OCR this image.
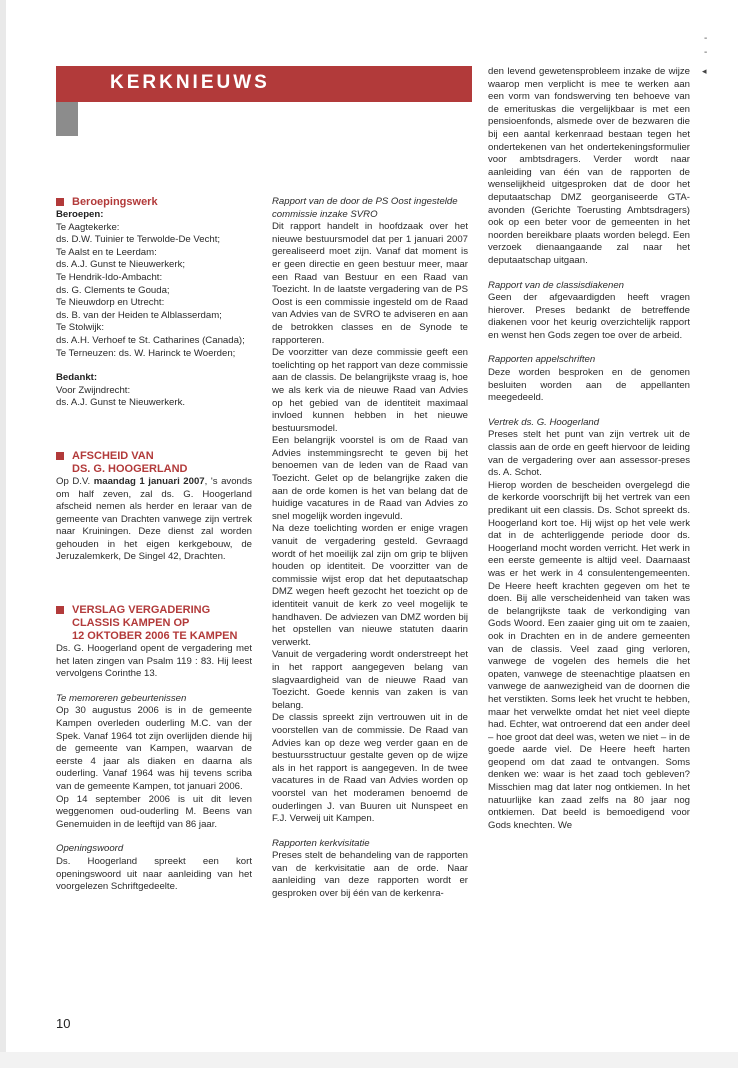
KERKNIEUWS
-
-
◂
Beroepingswerk

Beroepen:

Te Aagtekerke:

ds. D.W. Tuinier te Terwolde-De Vecht;

Te Aalst en te Leerdam:

ds. A.J. Gunst te Nieuwerkerk;

Te Hendrik-Ido-Ambacht:

ds. G. Clements te Gouda;

Te Nieuwdorp en Utrecht:

ds. B. van der Heiden te Alblasserdam;

Te Stolwijk:

ds. A.H. Verhoef te St. Catharines (Canada);

Te Terneuzen: ds. W. Harinck te Woerden;

Bedankt:

Voor Zwijndrecht:

ds. A.J. Gunst te Nieuwerkerk.

AFSCHEID VAN
DS. G. HOOGERLAND

Op D.V. maandag 1 januari 2007, 's avonds om half zeven, zal ds. G. Hoogerland afscheid nemen als herder en leraar van de gemeente van Drachten vanwege zijn vertrek naar Kruiningen. Deze dienst zal worden gehouden in het eigen kerkgebouw, de Jeruzalemkerk, De Singel 42, Drachten.

VERSLAG VERGADERING
CLASSIS KAMPEN OP
12 OKTOBER 2006 TE KAMPEN

Ds. G. Hoogerland opent de vergadering met het laten zingen van Psalm 119 : 83. Hij leest vervolgens Corinthe 13.

Te memoreren gebeurtenissen

Op 30 augustus 2006 is in de gemeente Kampen overleden ouderling M.C. van der Spek. Vanaf 1964 tot zijn overlijden diende hij de gemeente van Kampen, waarvan de eerste 4 jaar als diaken en daarna als ouderling. Vanaf 1964 was hij tevens scriba van de gemeente Kampen, tot januari 2006.

Op 14 september 2006 is uit dit leven weggenomen oud-ouderling M. Beens van Genemuiden in de leeftijd van 86 jaar.

Openingswoord

Ds. Hoogerland spreekt een kort openingswoord uit naar aanleiding van het voorgelezen Schriftgedeelte.

Rapport van de door de PS Oost ingestelde commissie inzake SVRO

Dit rapport handelt in hoofdzaak over het nieuwe bestuursmodel dat per 1 januari 2007 gerealiseerd moet zijn. Vanaf dat moment is er geen directie en geen bestuur meer, maar een Raad van Bestuur en een Raad van Toezicht. In de laatste vergadering van de PS Oost is een commissie ingesteld om de Raad van Advies van de SVRO te adviseren en aan de betrokken classes en de Synode te rapporteren.

De voorzitter van deze commissie geeft een toelichting op het rapport van deze commissie aan de classis. De belangrijkste vraag is, hoe we als kerk via de nieuwe Raad van Advies op het gebied van de identiteit maximaal invloed kunnen hebben in het nieuwe bestuursmodel.

Een belangrijk voorstel is om de Raad van Advies instemmingsrecht te geven bij het benoemen van de leden van de Raad van Toezicht. Gelet op de belangrijke zaken die aan de orde komen is het van belang dat de huidige vacatures in de Raad van Advies zo snel mogelijk worden ingevuld.

Na deze toelichting worden er enige vragen vanuit de vergadering gesteld. Gevraagd wordt of het moeilijk zal zijn om grip te blijven houden op identiteit. De voorzitter van de commissie wijst erop dat het deputaatschap DMZ wegen heeft gezocht het toezicht op de identiteit vanuit de kerk zo veel mogelijk te handhaven. De adviezen van DMZ worden bij het opstellen van nieuwe statuten daarin verwerkt.

Vanuit de vergadering wordt onderstreept het in het rapport aangegeven belang van slagvaardigheid van de nieuwe Raad van Toezicht. Goede kennis van zaken is van belang.

De classis spreekt zijn vertrouwen uit in de voorstellen van de commissie. De Raad van Advies kan op deze weg verder gaan en de bestuursstructuur gestalte geven op de wijze als in het rapport is aangegeven. In de twee vacatures in de Raad van Advies worden op voorstel van het moderamen benoemd de ouderlingen J. van Buuren uit Nunspeet en F.J. Verweij uit Kampen.

Rapporten kerkvisitatie

Preses stelt de behandeling van de rapporten van de kerkvisitatie aan de orde. Naar aanleiding van deze rapporten wordt er gesproken over bij één van de kerkenra-

den levend gewetensprobleem inzake de wijze waarop men verplicht is mee te werken aan een vorm van fondswerving ten behoeve van de emerituskas die vergelijkbaar is met een pensioenfonds, alsmede over de bezwaren die bij een aantal kerkenraad bestaan tegen het ondertekenen van het ondertekeningsformulier voor ambtsdragers. Verder wordt naar aanleiding van één van de rapporten de wenselijkheid uitgesproken dat de door het deputaatschap DMZ georganiseerde GTA-avonden (Gerichte Toerusting Ambtsdragers) ook op een beter voor de gemeenten in het noorden bereikbare plaats worden belegd. Een verzoek dienaangaande zal naar het deputaatschap uitgaan.

Rapport van de classisdiakenen

Geen der afgevaardigden heeft vragen hierover. Preses bedankt de betreffende diakenen voor het keurig overzichtelijk rapport en wenst hen Gods zegen toe over de arbeid.

Rapporten appelschriften

Deze worden besproken en de genomen besluiten worden aan de appellanten meegedeeld.

Vertrek ds. G. Hoogerland

Preses stelt het punt van zijn vertrek uit de classis aan de orde en geeft hiervoor de leiding van de vergadering over aan assessor-preses ds. A. Schot.

Hierop worden de bescheiden overgelegd die de kerkorde voorschrijft bij het vertrek van een predikant uit een classis. Ds. Schot spreekt ds. Hoogerland kort toe. Hij wijst op het vele werk dat in de achterliggende periode door ds. Hoogerland mocht worden verricht. Het werk in een eerste gemeente is altijd veel. Daarnaast was er het werk in 4 consulentengemeenten. De Heere heeft krachten gegeven om het te doen. Bij alle verscheidenheid van taken was de belangrijkste taak de verkondiging van Gods Woord. Een zaaier ging uit om te zaaien, ook in Drachten en in de andere gemeenten van de classis. Veel zaad ging verloren, vanwege de vogelen des hemels die het opaten, vanwege de steenachtige plaatsen en vanwege de aanwezigheid van de doornen die het verstikten. Soms leek het vrucht te hebben, maar het verwelkte omdat het niet veel diepte had. Echter, wat ontroerend dat een ander deel – hoe groot dat deel was, weten we niet – in de goede aarde viel. De Heere heeft harten geopend om dat zaad te ontvangen. Soms denken we: waar is het zaad toch gebleven? Misschien mag dat later nog ontkiemen. In het natuurlijke kan zaad zelfs na 80 jaar nog ontkiemen. Dat beeld is bemoedigend voor Gods knechten. We

10
